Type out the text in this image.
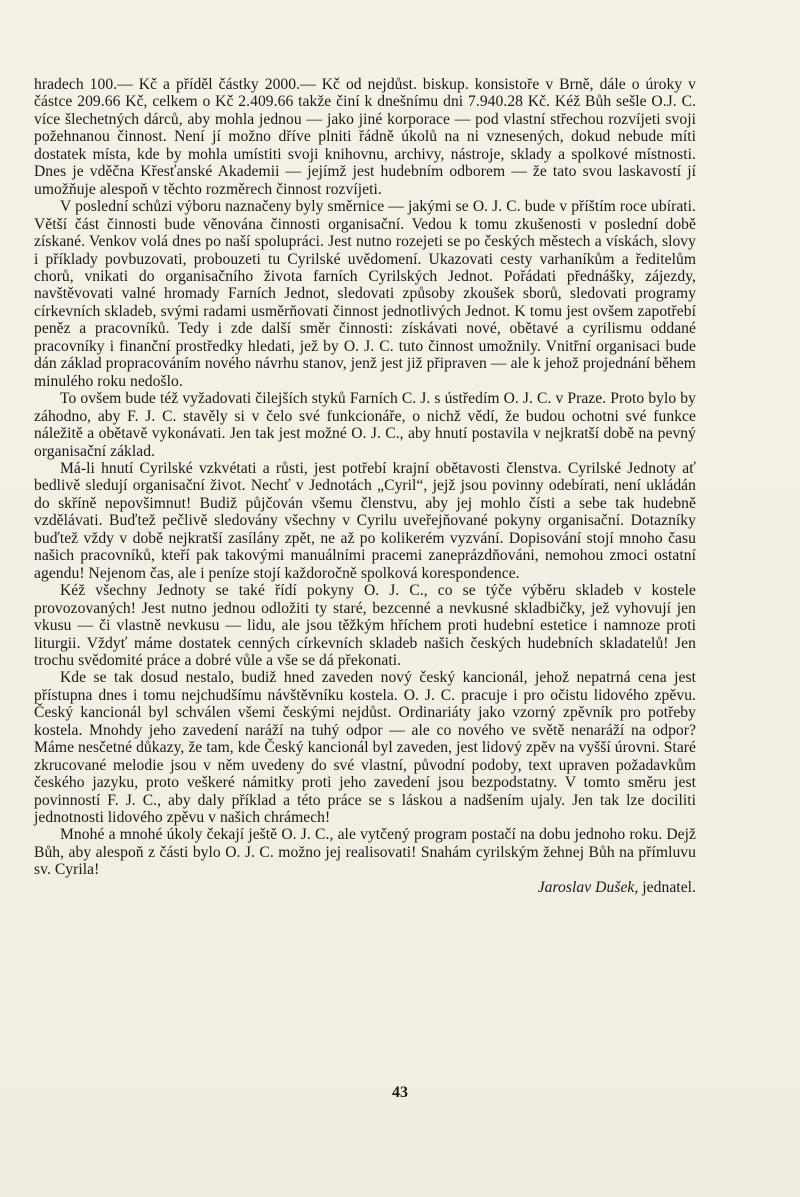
hradech 100.— Kč a příděl částky 2000.— Kč od nejdůst. biskup. konsistoře v Brně, dále o úroky v částce 209.66 Kč, celkem o Kč 2.409.66 takže činí k dnešnímu dni 7.940.28 Kč. Kéž Bůh sešle O.J. C. více šlechetných dárců, aby mohla jednou — jako jiné korporace — pod vlastní střechou rozvíjeti svoji požehnanou činnost. Není jí možno dříve plniti řádně úkolů na ni vznesených, dokud nebude míti dostatek místa, kde by mohla umístiti svoji knihovnu, archivy, nástroje, sklady a spolkové místnosti. Dnes je vděčna Křesťanské Akademii — jejímž jest hudebním odborem — že tato svou laskavostí jí umožňuje alespoň v těchto rozměrech činnost rozvíjeti.

V poslední schůzi výboru naznačeny byly směrnice — jakými se O. J. C. bude v příštím roce ubírati. Větší část činnosti bude věnována činnosti organisační. Vedou k tomu zkušenosti v poslední době získané. Venkov volá dnes po naší spolupráci. Jest nutno rozejeti se po českých městech a vískách, slovy i příklady povbuzovati, probouzeti tu Cyrilské uvědomení. Ukazovati cesty varhaníkům a ředitelům chorů, vnikati do organisačního života farních Cyrilských Jednot. Pořádati přednášky, zájezdy, navštěvovati valné hromady Farních Jednot, sledovati způsoby zkoušek sborů, sledovati programy církevních skladeb, svými radami usměrňovati činnost jednotlivých Jednot. K tomu jest ovšem zapotřebí peněz a pracovníků. Tedy i zde další směr činnosti: získávati nové, obětavé a cyrilismu oddané pracovníky i finanční prostředky hledati, jež by O. J. C. tuto činnost umožnily. Vnitřní organisaci bude dán základ propracováním nového návrhu stanov, jenž jest již připraven — ale k jehož projednání během minulého roku nedošlo.

To ovšem bude též vyžadovati čilejších styků Farních C. J. s ústředím O. J. C. v Praze. Proto bylo by záhodno, aby F. J. C. stavěly si v čelo své funkcionáře, o nichž vědí, že budou ochotni své funkce náležitě a obětavě vykonávati. Jen tak jest možné O. J. C., aby hnutí postavila v nejkratší době na pevný organisační základ.

Má-li hnutí Cyrilské vzkvétati a růsti, jest potřebí krajní obětavosti členstva. Cyrilské Jednoty ať bedlivě sledují organisační život. Nechť v Jednotách „Cyril“, jejž jsou povinny odebírati, není ukládán do skříně nepovšimnut! Budiž půjčován všemu členstvu, aby jej mohlo čísti a sebe tak hudebně vzdělávati. Buďtež pečlivě sledovány všechny v Cyrilu uveřejňované pokyny organisační. Dotazníky buďtež vždy v době nejkratší zasílány zpět, ne až po kolikerém vyzvání. Dopisování stojí mnoho času našich pracovníků, kteří pak takovými manuálními pracemi zaneprázdňováni, nemohou zmoci ostatní agendu! Nejenom čas, ale i peníze stojí každoročně spolková korespondence.

Kéž všechny Jednoty se také řídí pokyny O. J. C., co se týče výběru skladeb v kostele provozovaných! Jest nutno jednou odložiti ty staré, bezcenné a nevkusné skladbičky, jež vyhovují jen vkusu — či vlastně nevkusu — lidu, ale jsou těžkým hříchem proti hudební estetice i namnoze proti liturgii. Vždyť máme dostatek cenných církevních skladeb našich českých hudebních skladatelů! Jen trochu svědomité práce a dobré vůle a vše se dá překonati.

Kde se tak dosud nestalo, budiž hned zaveden nový český kancionál, jehož nepatrná cena jest přístupna dnes i tomu nejchudšímu návštěvníku kostela. O. J. C. pracuje i pro očistu lidového zpěvu. Český kancionál byl schválen všemi českými nejdůst. Ordinariáty jako vzorný zpěvník pro potřeby kostela. Mnohdy jeho zavedení naráží na tuhý odpor — ale co nového ve světě nenaráží na odpor? Máme nesčetné důkazy, že tam, kde Český kancionál byl zaveden, jest lidový zpěv na vyšší úrovni. Staré zkrucované melodie jsou v něm uvedeny do své vlastní, původní podoby, text upraven požadavkům českého jazyku, proto veškeré námitky proti jeho zavedení jsou bezpodstatny. V tomto směru jest povinností F. J. C., aby daly příklad a této práce se s láskou a nadšením ujaly. Jen tak lze dociliti jednotnosti lidového zpěvu v našich chrámech!

Mnohé a mnohé úkoly čekají ještě O. J. C., ale vytčený program postačí na dobu jednoho roku. Dejž Bůh, aby alespoň z části bylo O. J. C. možno jej realisovati! Snahám cyrilským žehnej Bůh na přímluvu sv. Cyrila!

Jaroslav Dušek, jednatel.
43
